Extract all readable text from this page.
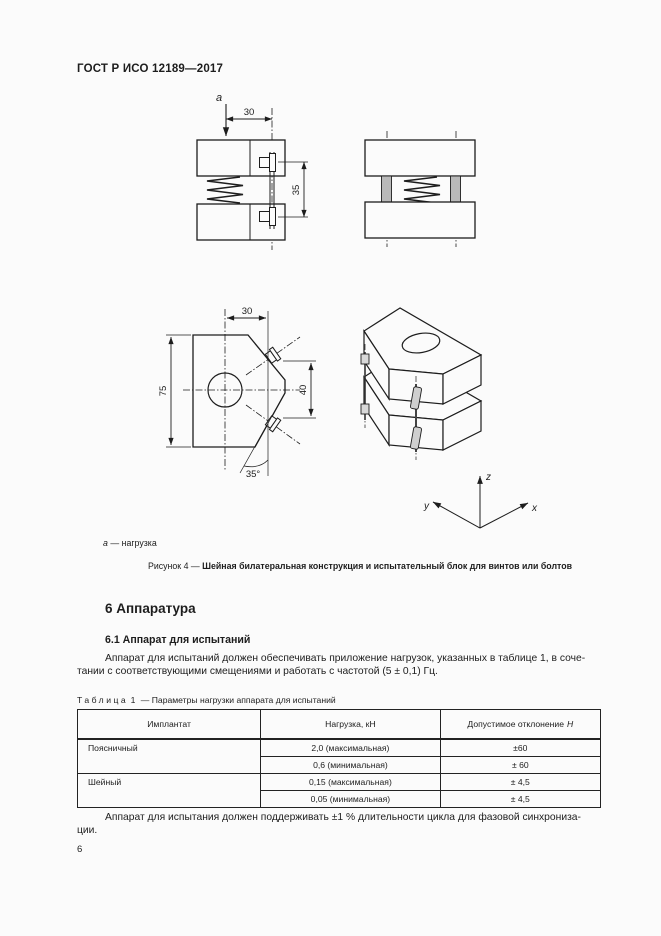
ГОСТ Р ИСО 12189—2017
а
30
35
30
75	40
35°	z
y	x
а — нагрузка
Рисунок 4 — Шейная билатеральная конструкция и испытательный блок для винтов или болтов
6 Аппаратура
6.1 Аппарат для испытаний
Аппарат для испытаний должен обеспечивать приложение нагрузок, указанных в таблице 1, в соче-
тании с соответствующими смещениями и работать с частотой (5 ± 0,1) Гц.
Таблица 1 — Параметры нагрузки аппарата для испытаний
Имплантат	Нагрузка, кН	Допустимое отклонение Н
Поясничный	2,0 (максимальная)	±60
	0,6 (минимальная)	± 60
Шейный	0,15 (максимальная)	± 4,5
	0,05 (минимальная)	± 4,5
Аппарат для испытания должен поддерживать ±1 % длительности цикла для фазовой синхрониза-
ции.
6
